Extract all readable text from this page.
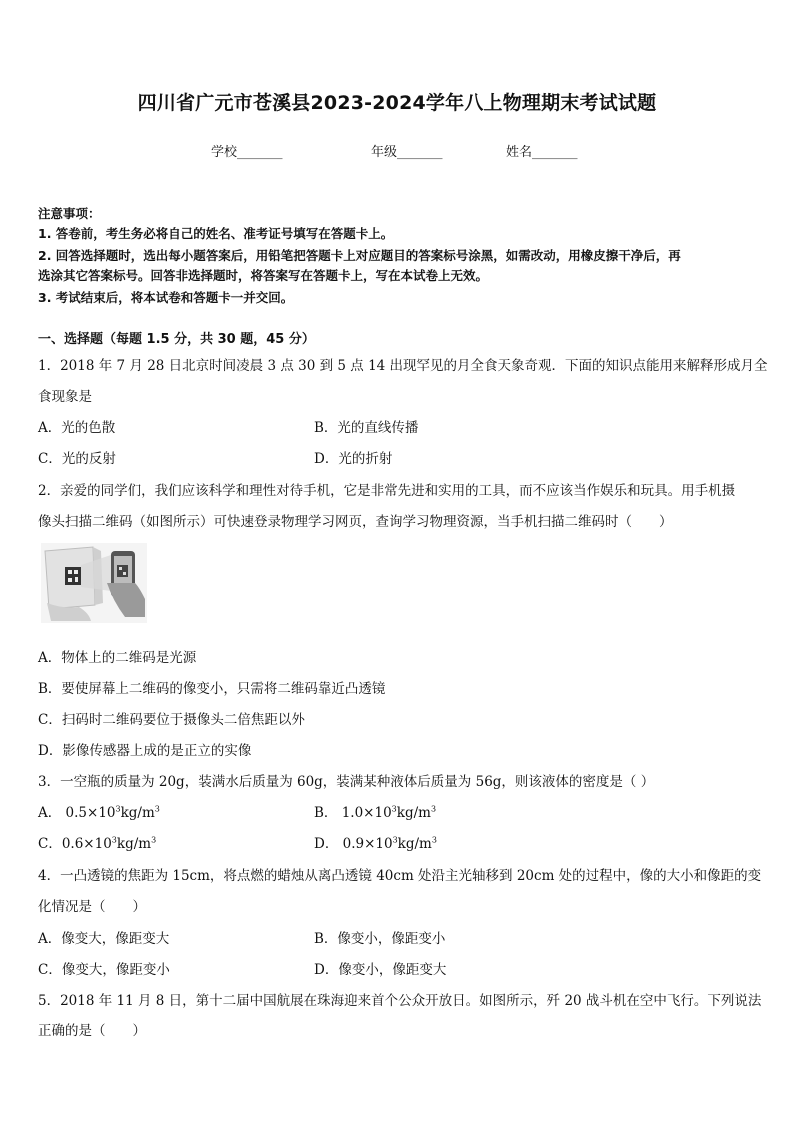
四川省广元市苍溪县2023-2024学年八上物理期末考试试题
学校_______	年级_______	姓名_______
注意事项：
1. 答卷前，考生务必将自己的姓名、准考证号填写在答题卡上。
2. 回答选择题时，选出每小题答案后，用铅笔把答题卡上对应题目的答案标号涂黑，如需改动，用橡皮擦干净后，再
选涂其它答案标号。回答非选择题时，将答案写在答题卡上，写在本试卷上无效。
3. 考试结束后，将本试卷和答题卡一并交回。
一、选择题（每题 1.5 分，共 30 题，45 分）
1．2018 年 7 月 28 日北京时间凌晨 3 点 30 到 5 点 14 出现罕见的月全食天象奇观．下面的知识点能用来解释形成月全
食现象是
A．光的色散	B．光的直线传播
C．光的反射	D．光的折射
2．亲爱的同学们，我们应该科学和理性对待手机，它是非常先进和实用的工具，而不应该当作娱乐和玩具。用手机摄
像头扫描二维码（如图所示）可快速登录物理学习网页，查询学习物理资源，当手机扫描二维码时（　　）
A．物体上的二维码是光源
B．要使屏幕上二维码的像变小，只需将二维码靠近凸透镜
C．扫码时二维码要位于摄像头二倍焦距以外
D．影像传感器上成的是正立的实像
3．一空瓶的质量为 20g，装满水后质量为 60g，装满某种液体后质量为 56g，则该液体的密度是（ ）
A． $0.5\times 10^3kg/m^3$	B． $1.0\times 10^3kg/m^3$
C．$0.6\times 10^3kg/m^3$	D． $0.9\times 10^3kg/m^3$
4．一凸透镜的焦距为 15cm，将点燃的蜡烛从离凸透镜 40cm 处沿主光轴移到 20cm 处的过程中，像的大小和像距的变
化情况是（　　）
A．像变大，像距变大	B．像变小，像距变小
C．像变大，像距变小	D．像变小，像距变大
5．2018 年 11 月 8 日，第十二届中国航展在珠海迎来首个公众开放日。如图所示，歼 20 战斗机在空中飞行。下列说法
正确的是（　　）
